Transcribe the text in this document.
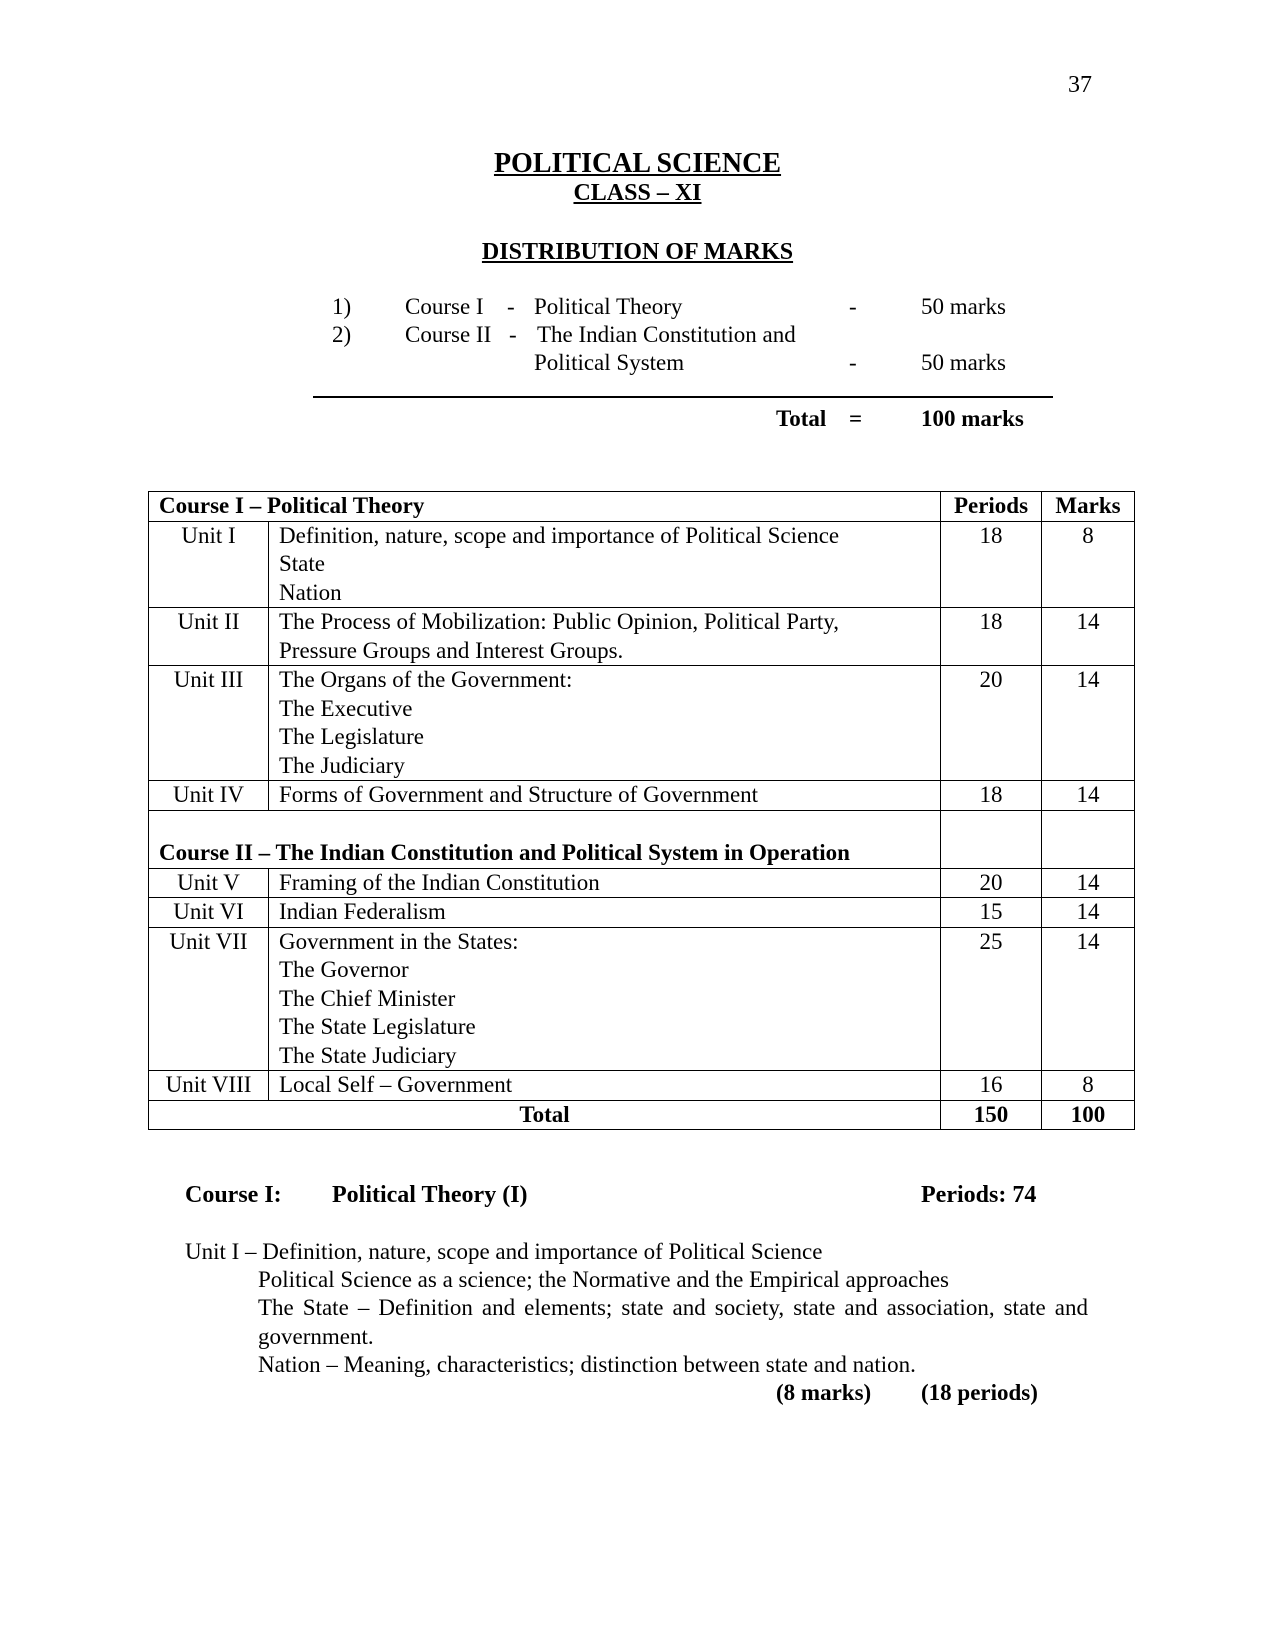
37
POLITICAL SCIENCE
CLASS – XI
DISTRIBUTION OF MARKS
1) Course I - Political Theory	-	50 marks
2) Course II - The Indian Constitution and
Political System	-	50 marks
Total =	100 marks
Course I – Political Theory		Periods	Marks
Unit I	Definition, nature, scope and importance of Political Science
State
Nation	18	8
Unit II	The Process of Mobilization: Public Opinion, Political Party,
Pressure Groups and Interest Groups.	18	14
Unit III	The Organs of the Government:
The Executive
The Legislature
The Judiciary	20	14
Unit IV	Forms of Government and Structure of Government	18	14
Course II – The Indian Constitution and Political System in Operation			
Unit V	Framing of the Indian Constitution	20	14
Unit VI	Indian Federalism	15	14
Unit VII	Government in the States:
The Governor
The Chief Minister
The State Legislature
The State Judiciary	25	14
Unit VIII	Local Self – Government	16	8
Total		150	100
Course I: Political Theory (I)	Periods: 74
Unit I – Definition, nature, scope and importance of Political Science
Political Science as a science; the Normative and the Empirical approaches
The State – Definition and elements; state and society, state and association, state and government.
Nation – Meaning, characteristics; distinction between state and nation.
(8 marks) (18 periods)
